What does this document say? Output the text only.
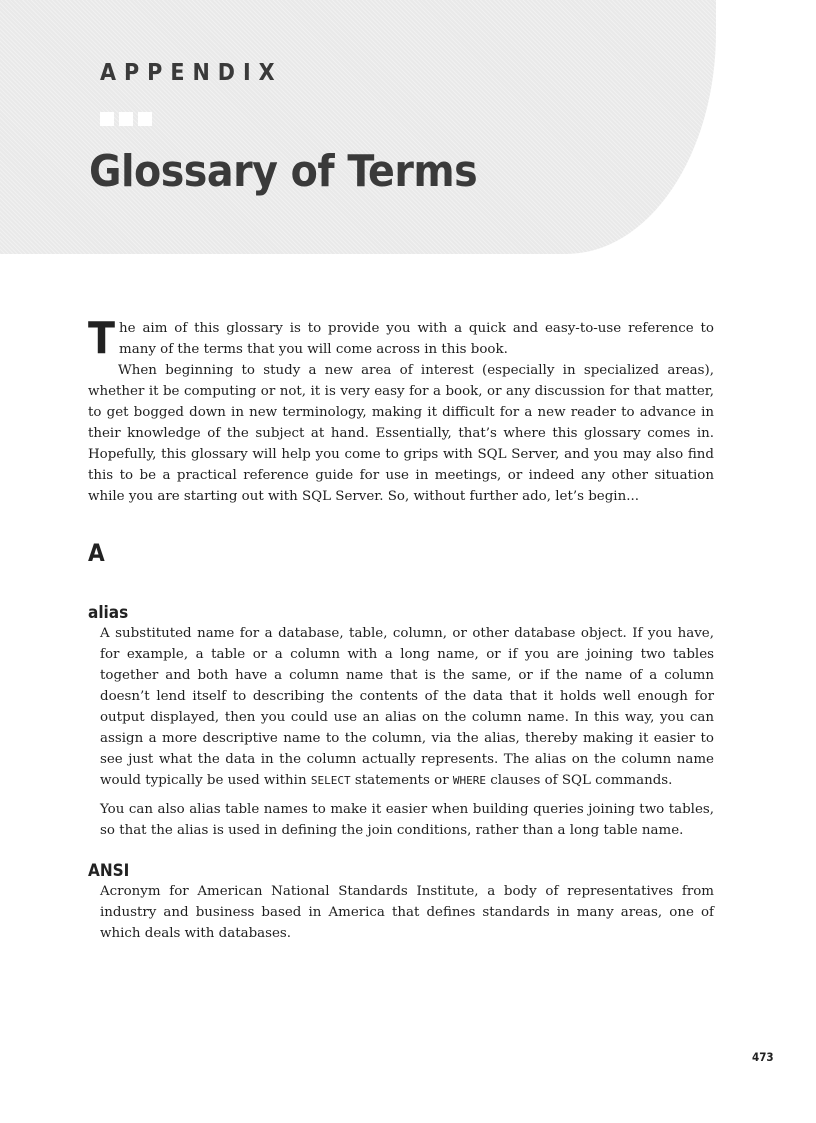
APPENDIX
Glossary of Terms

The aim of this glossary is to provide you with a quick and easy-to-use reference to many of the terms that you will come across in this book.

When beginning to study a new area of interest (especially in specialized areas), whether it be computing or not, it is very easy for a book, or any discussion for that matter, to get bogged down in new terminology, making it difficult for a new reader to advance in their knowledge of the subject at hand. Essentially, that’s where this glossary comes in. Hopefully, this glossary will help you come to grips with SQL Server, and you may also find this to be a practical reference guide for use in meetings, or indeed any other situation while you are starting out with SQL Server. So, without further ado, let’s begin...

A
alias

A substituted name for a database, table, column, or other database object. If you have, for example, a table or a column with a long name, or if you are joining two tables together and both have a column name that is the same, or if the name of a column doesn’t lend itself to describing the contents of the data that it holds well enough for output displayed, then you could use an alias on the column name. In this way, you can assign a more descriptive name to the column, via the alias, thereby making it easier to see just what the data in the column actually represents. The alias on the column name would typically be used within SELECT statements or WHERE clauses of SQL commands.

You can also alias table names to make it easier when building queries joining two tables, so that the alias is used in defining the join conditions, rather than a long table name.

ANSI

Acronym for American National Standards Institute, a body of representatives from industry and business based in America that defines standards in many areas, one of which deals with databases.

473
